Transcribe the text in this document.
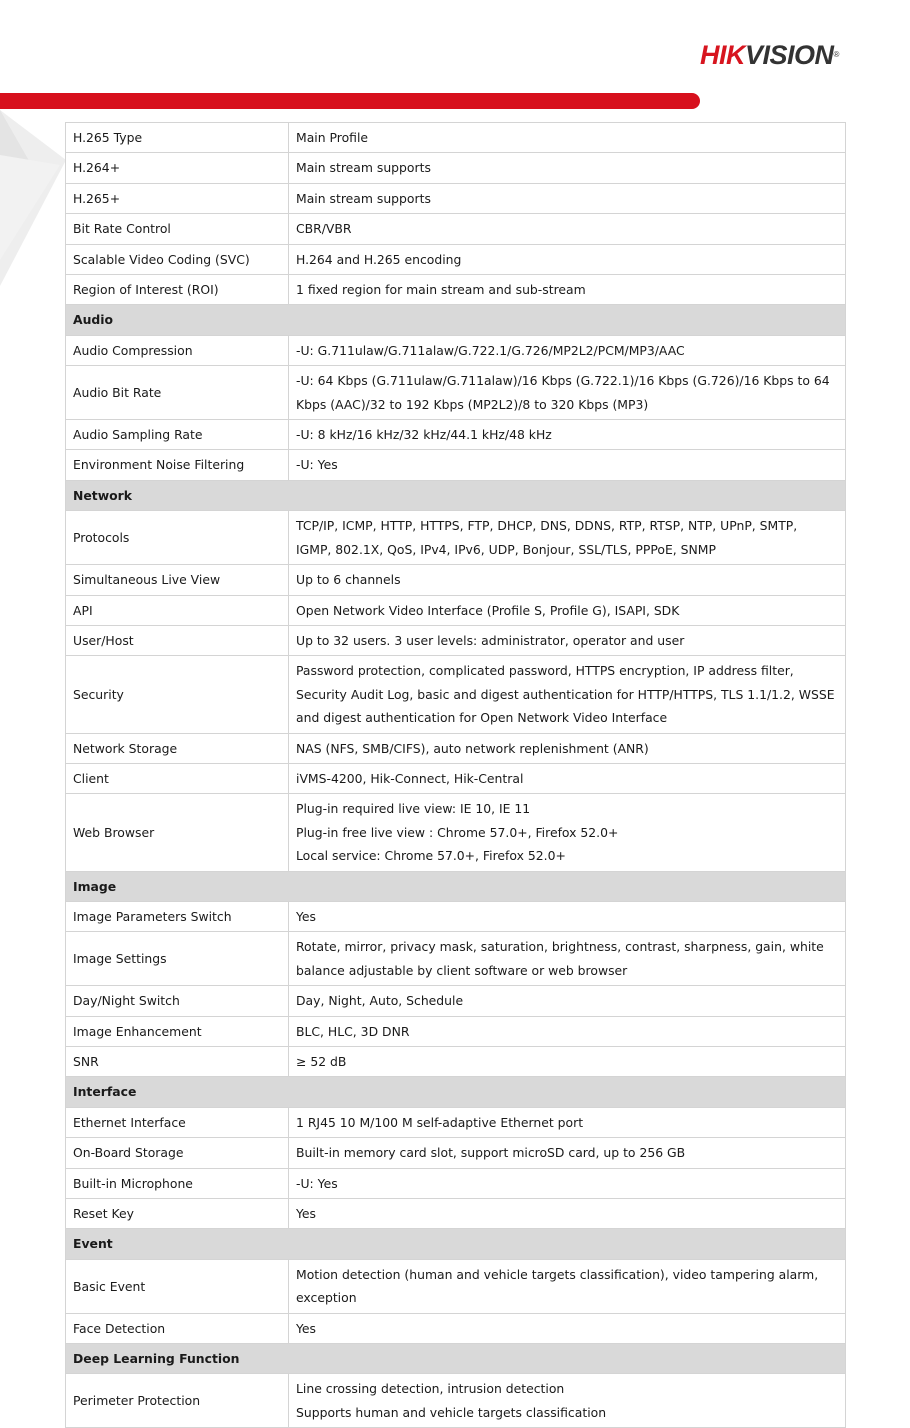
HIKVISION®
H.265 Type	Main Profile

H.264+	Main stream supports

H.265+	Main stream supports

Bit Rate Control	CBR/VBR

Scalable Video Coding (SVC)	H.264 and H.265 encoding

Region of Interest (ROI)	1 fixed region for main stream and sub-stream

Audio	
Audio Compression	-U: G.711ulaw/G.711alaw/G.722.1/G.726/MP2L2/PCM/MP3/AAC

Audio Bit Rate	-U: 64 Kbps (G.711ulaw/G.711alaw)/16 Kbps (G.722.1)/16 Kbps (G.726)/16 Kbps to 64
Kbps (AAC)/32 to 192 Kbps (MP2L2)/8 to 320 Kbps (MP3)

Audio Sampling Rate	-U: 8 kHz/16 kHz/32 kHz/44.1 kHz/48 kHz

Environment Noise Filtering	-U: Yes

Network	
Protocols	TCP/IP, ICMP, HTTP, HTTPS, FTP, DHCP, DNS, DDNS, RTP, RTSP, NTP, UPnP, SMTP,
IGMP, 802.1X, QoS, IPv4, IPv6, UDP, Bonjour, SSL/TLS, PPPoE, SNMP

Simultaneous Live View	Up to 6 channels

API	Open Network Video Interface (Profile S, Profile G), ISAPI, SDK

User/Host	Up to 32 users. 3 user levels: administrator, operator and user

Security	Password protection, complicated password, HTTPS encryption, IP address filter,
Security Audit Log, basic and digest authentication for HTTP/HTTPS, TLS 1.1/1.2, WSSE
and digest authentication for Open Network Video Interface

Network Storage	NAS (NFS, SMB/CIFS), auto network replenishment (ANR)

Client	iVMS-4200, Hik-Connect, Hik-Central

Web Browser	Plug-in required live view: IE 10, IE 11
Plug-in free live view : Chrome 57.0+, Firefox 52.0+
Local service: Chrome 57.0+, Firefox 52.0+

Image	
Image Parameters Switch	Yes

Image Settings	Rotate, mirror, privacy mask, saturation, brightness, contrast, sharpness, gain, white
balance adjustable by client software or web browser

Day/Night Switch	Day, Night, Auto, Schedule

Image Enhancement	BLC, HLC, 3D DNR

SNR	≥ 52 dB

Interface	
Ethernet Interface	1 RJ45 10 M/100 M self-adaptive Ethernet port

On-Board Storage	Built-in memory card slot, support microSD card, up to 256 GB

Built-in Microphone	-U: Yes

Reset Key	Yes

Event	
Basic Event	Motion detection (human and vehicle targets classification), video tampering alarm,
exception

Face Detection	Yes

Deep Learning Function	
Perimeter Protection	Line crossing detection, intrusion detection
Supports human and vehicle targets classification
